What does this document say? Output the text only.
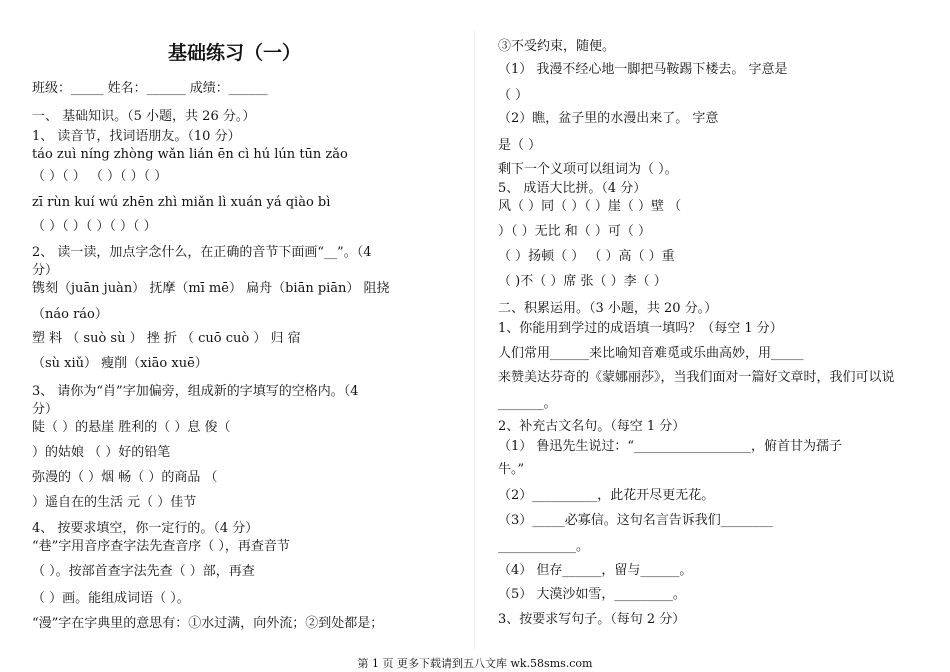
基础练习（一）
班级：_____ 姓名：______ 成绩：______
一、 基础知识。（5 小题，共 26 分。）
1、 读音节，找词语朋友。（10 分）
táo zuì níng zhòng wǎn lián ēn cì hú lún tūn zǎo
（ ）（ ） （ ）（ ）（ ）
zī rùn kuí wú zhēn zhì miǎn lì xuán yá qiào bì
（ ）（ ）（ ）（ ）（ ）
2、 读一读，加点字念什么，在正确的音节下面画“__”。（4
分）
镌刻（juān juàn） 抚摩（mī mē） 扁舟（biān piān） 阻挠
（náo ráo）
塑 料 （ suò sù ） 挫 折 （ cuō cuò ） 归 宿
（sù xiǔ） 瘦削（xiāo xuē）
3、 请你为“肖”字加偏旁，组成新的字填写的空格内。（4
分）
陡（ ）的悬崖 胜利的（ ）息 俊（
）的姑娘 （ ）好的铅笔
弥漫的（ ）烟 畅（ ）的商品 （
）遥自在的生活 元（ ）佳节
4、 按要求填空，你一定行的。（4 分）
“巷”字用音序查字法先查音序（ ），再查音节
（ ）。按部首查字法先查（ ）部，再查
（ ）画。能组成词语（ ）。
“漫”字在字典里的意思有：①水过满，向外流；②到处都是；
③不受约束，随便。
（1） 我漫不经心地一脚把马鞍踢下楼去。 字意是
（ ）
（2）瞧，盆子里的水漫出来了。 字意
是（ ）
剩下一个义项可以组词为（ ）。
5、 成语大比拼。（4 分）
风（ ）同（ ）（ ）崖（ ）壁 （
）（ ）无比 和（ ）可（ ）
（ ）扬顿（ ） （ ）高（ ）重
（ )不（ ）席 张（ ）李（ ）
二、积累运用。（3 小题，共 20 分。）
1、你能用到学过的成语填一填吗？（每空 1 分）
人们常用______来比喻知音难觅或乐曲高妙，用_____
来赞美达芬奇的《蒙娜丽莎》，当我们面对一篇好文章时，我们可以说
_______。
2、补充古文名句。（每空 1 分）
（1） 鲁迅先生说过：“__________________，俯首甘为孺子
牛。”
（2）__________，此花开尽更无花。
（3）_____必寡信。这句名言告诉我们________
____________。
（4） 但存______，留与______。
（5） 大漠沙如雪，_________。
3、按要求写句子。（每句 2 分）
第 1 页 更多下载请到五八文库 wk.58sms.com
